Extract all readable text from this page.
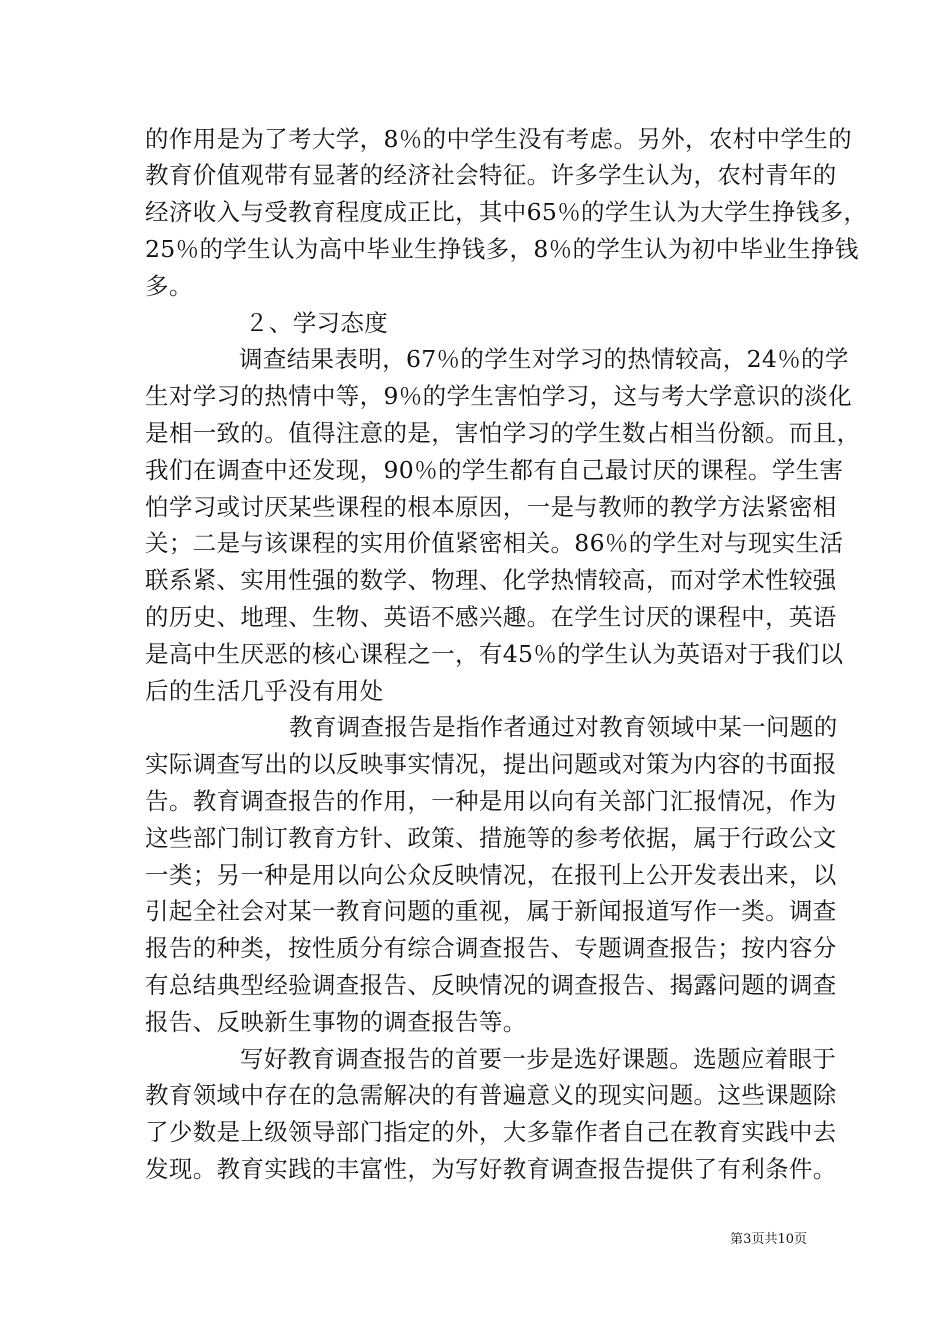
的作用是为了考大学，8％的中学生没有考虑。另外，农村中学生的
教育价值观带有显著的经济社会特征。许多学生认为，农村青年的
经济收入与受教育程度成正比，其中65％的学生认为大学生挣钱多，
25％的学生认为高中毕业生挣钱多，8％的学生认为初中毕业生挣钱
多。
２、学习态度
调查结果表明，67％的学生对学习的热情较高，24％的学
生对学习的热情中等，9％的学生害怕学习，这与考大学意识的淡化
是相一致的。值得注意的是，害怕学习的学生数占相当份额。而且，
我们在调查中还发现，90％的学生都有自己最讨厌的课程。学生害
怕学习或讨厌某些课程的根本原因，一是与教师的教学方法紧密相
关；二是与该课程的实用价值紧密相关。86％的学生对与现实生活
联系紧、实用性强的数学、物理、化学热情较高，而对学术性较强
的历史、地理、生物、英语不感兴趣。在学生讨厌的课程中，英语
是高中生厌恶的核心课程之一，有45％的学生认为英语对于我们以
后的生活几乎没有用处
教育调查报告是指作者通过对教育领域中某一问题的
实际调查写出的以反映事实情况，提出问题或对策为内容的书面报
告。教育调查报告的作用，一种是用以向有关部门汇报情况，作为
这些部门制订教育方针、政策、措施等的参考依据，属于行政公文
一类；另一种是用以向公众反映情况，在报刊上公开发表出来，以
引起全社会对某一教育问题的重视，属于新闻报道写作一类。调查
报告的种类，按性质分有综合调查报告、专题调查报告；按内容分
有总结典型经验调查报告、反映情况的调查报告、揭露问题的调查
报告、反映新生事物的调查报告等。
写好教育调查报告的首要一步是选好课题。选题应着眼于
教育领域中存在的急需解决的有普遍意义的现实问题。这些课题除
了少数是上级领导部门指定的外，大多靠作者自己在教育实践中去
发现。教育实践的丰富性，为写好教育调查报告提供了有利条件。
第3页共10页
